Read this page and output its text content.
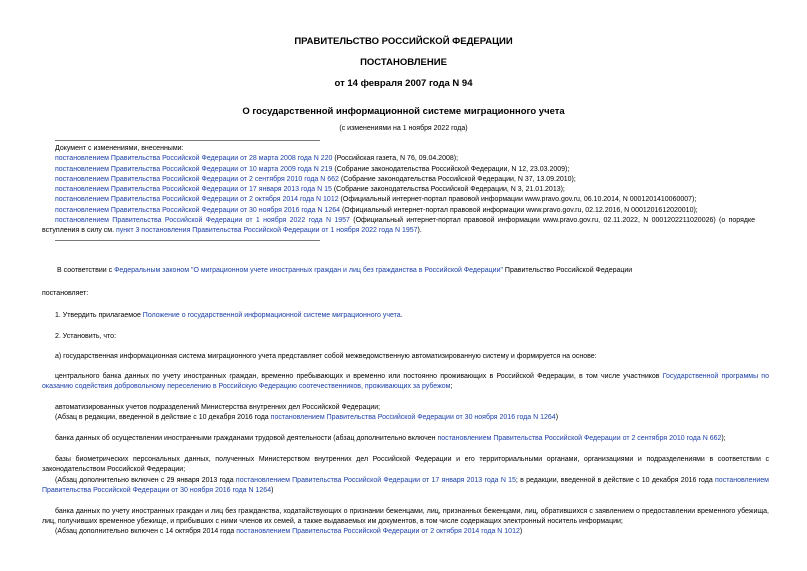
ПРАВИТЕЛЬСТВО РОССИЙСКОЙ ФЕДЕРАЦИИ
ПОСТАНОВЛЕНИЕ
от 14 февраля 2007 года N 94
О государственной информационной системе миграционного учета
(с изменениями на 1 ноября 2022 года)
Документ с изменениями, внесенными:
постановлением Правительства Российской Федерации от 28 марта 2008 года N 220 (Российская газета, N 76, 09.04.2008);
постановлением Правительства Российской Федерации от 10 марта 2009 года N 219 (Собрание законодательства Российской Федерации, N 12, 23.03.2009);
постановлением Правительства Российской Федерации от 2 сентября 2010 года N 662 (Собрание законодательства Российской Федерации, N 37, 13.09.2010);
постановлением Правительства Российской Федерации от 17 января 2013 года N 15 (Собрание законодательства Российской Федерации, N 3, 21.01.2013);
постановлением Правительства Российской Федерации от 2 октября 2014 года N 1012 (Официальный интернет-портал правовой информации www.pravo.gov.ru, 06.10.2014, N 0001201410060007);
постановлением Правительства Российской Федерации от 30 ноября 2016 года N 1264 (Официальный интернет-портал правовой информации www.pravo.gov.ru, 02.12.2016, N 0001201612020010);
постановлением Правительства Российской Федерации от 1 ноября 2022 года N 1957 (Официальный интернет-портал правовой информации www.pravo.gov.ru, 02.11.2022, N 0001202211020026) (о порядке вступления в силу см. пункт 3 постановления Правительства Российской Федерации от 1 ноября 2022 года N 1957).
В соответствии с Федеральным законом "О миграционном учете иностранных граждан и лиц без гражданства в Российской Федерации" Правительство Российской Федерации
постановляет:
1. Утвердить прилагаемое Положение о государственной информационной системе миграционного учета.
2. Установить, что:
а) государственная информационная система миграционного учета представляет собой межведомственную автоматизированную систему и формируется на основе:
центрального банка данных по учету иностранных граждан, временно пребывающих и временно или постоянно проживающих в Российской Федерации, в том числе участников Государственной программы по оказанию содействия добровольному переселению в Российскую Федерацию соотечественников, проживающих за рубежом;
автоматизированных учетов подразделений Министерства внутренних дел Российской Федерации;
(Абзац в редакции, введенной в действие с 10 декабря 2016 года постановлением Правительства Российской Федерации от 30 ноября 2016 года N 1264)
банка данных об осуществлении иностранными гражданами трудовой деятельности (абзац дополнительно включен постановлением Правительства Российской Федерации от 2 сентября 2010 года N 662);
базы биометрических персональных данных, полученных Министерством внутренних дел Российской Федерации и его территориальными органами, организациями и подразделениями в соответствии с законодательством Российской Федерации;
(Абзац дополнительно включен с 29 января 2013 года постановлением Правительства Российской Федерации от 17 января 2013 года N 15; в редакции, введенной в действие с 10 декабря 2016 года постановлением Правительства Российской Федерации от 30 ноября 2016 года N 1264)
банка данных по учету иностранных граждан и лиц без гражданства, ходатайствующих о признании беженцами, лиц, признанных беженцами, лиц, обратившихся с заявлением о предоставлении временного убежища, лиц, получивших временное убежище, и прибывших с ними членов их семей, а также выдаваемых им документов, в том числе содержащих электронный носитель информации;
(Абзац дополнительно включен с 14 октября 2014 года постановлением Правительства Российской Федерации от 2 октября 2014 года N 1012)
